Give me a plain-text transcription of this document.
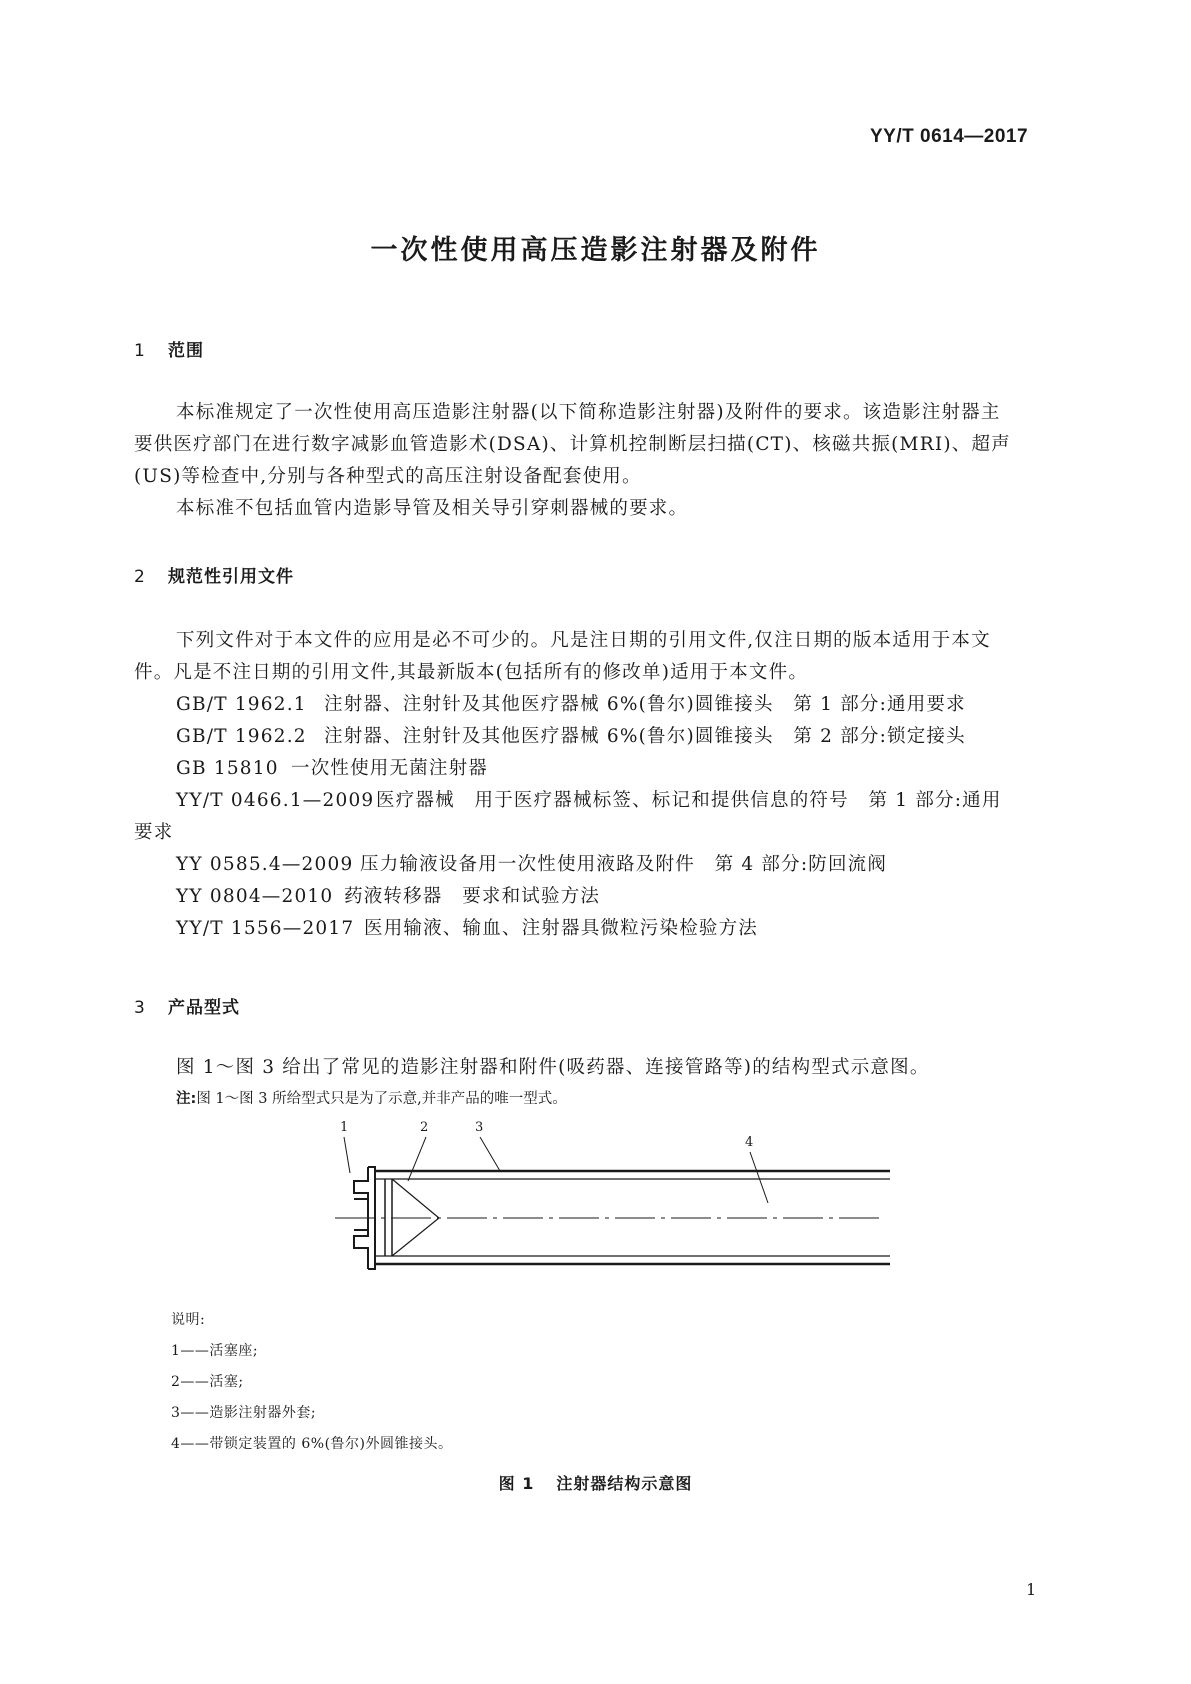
YY/T 0614—2017
一次性使用高压造影注射器及附件
1 范围
本标准规定了一次性使用高压造影注射器(以下简称造影注射器)及附件的要求。该造影注射器主
要供医疗部门在进行数字减影血管造影术(DSA)、计算机控制断层扫描(CT)、核磁共振(MRI)、超声
(US)等检查中,分别与各种型式的高压注射设备配套使用。
本标准不包括血管内造影导管及相关导引穿刺器械的要求。
2 规范性引用文件
下列文件对于本文件的应用是必不可少的。凡是注日期的引用文件,仅注日期的版本适用于本文
件。凡是不注日期的引用文件,其最新版本(包括所有的修改单)适用于本文件。
GB/T 1962.1 注射器、注射针及其他医疗器械 6%(鲁尔)圆锥接头　第 1 部分:通用要求
GB/T 1962.2 注射器、注射针及其他医疗器械 6%(鲁尔)圆锥接头　第 2 部分:锁定接头
GB 15810 一次性使用无菌注射器
YY/T 0466.1—2009医疗器械　用于医疗器械标签、标记和提供信息的符号　第 1 部分:通用
要求
YY 0585.4—2009 压力输液设备用一次性使用液路及附件　第 4 部分:防回流阀
YY 0804—2010 药液转移器　要求和试验方法
YY/T 1556—2017 医用输液、输血、注射器具微粒污染检验方法
3 产品型式
图 1～图 3 给出了常见的造影注射器和附件(吸药器、连接管路等)的结构型式示意图。
注:图 1～图 3 所给型式只是为了示意,并非产品的唯一型式。
1	2	3
4
说明:
1——活塞座;
2——活塞;
3——造影注射器外套;
4——带锁定装置的 6%(鲁尔)外圆锥接头。
图 1 注射器结构示意图
1
